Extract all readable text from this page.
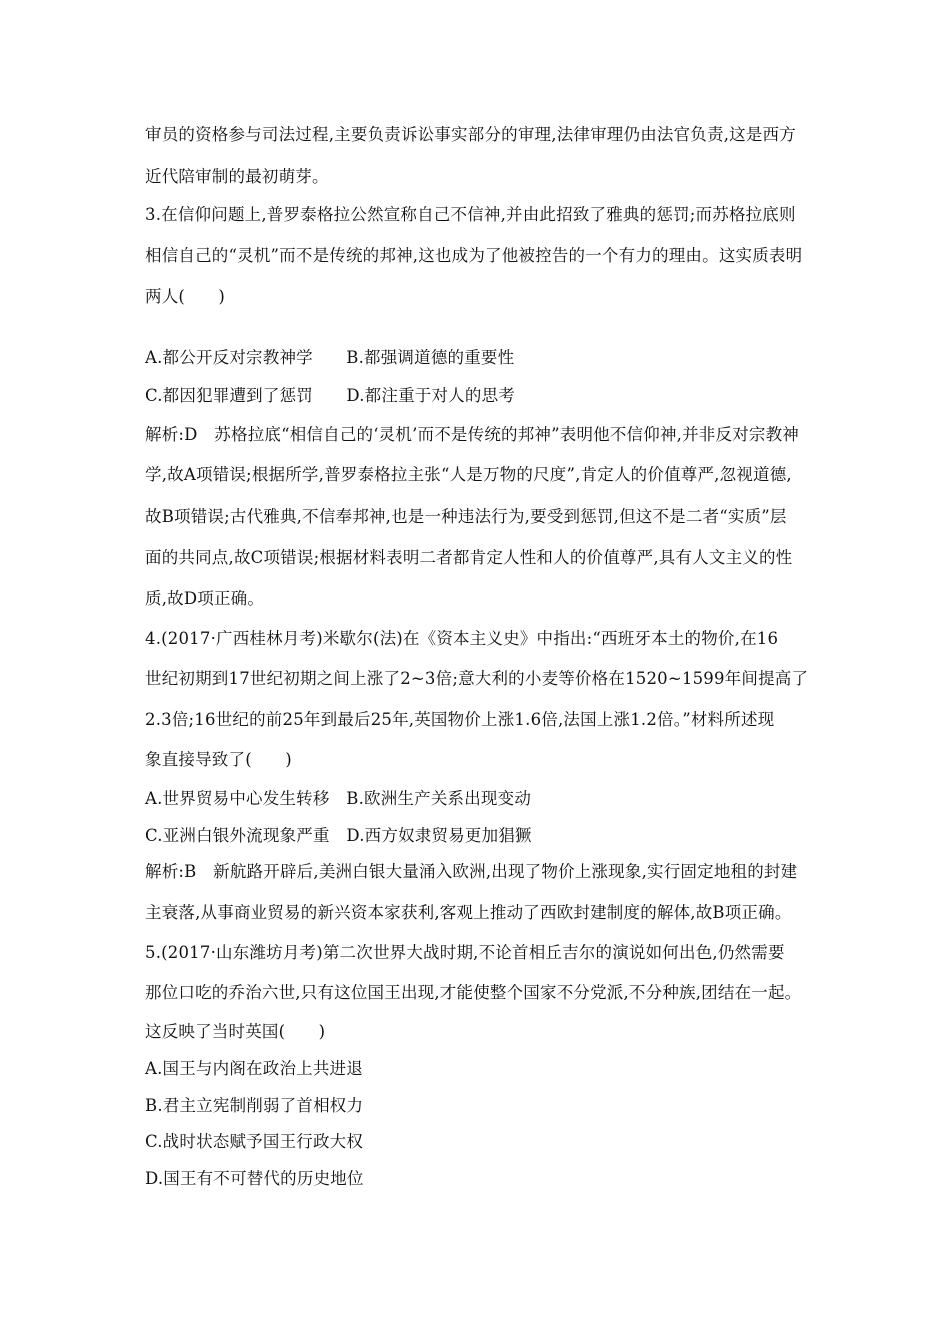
审员的资格参与司法过程,主要负责诉讼事实部分的审理,法律审理仍由法官负责,这是西方
近代陪审制的最初萌芽。
3.在信仰问题上,普罗泰格拉公然宣称自己不信神,并由此招致了雅典的惩罚;而苏格拉底则
相信自己的“灵机”而不是传统的邦神,这也成为了他被控告的一个有力的理由。这实质表明
两人(　　)
A.都公开反对宗教神学　　B.都强调道德的重要性
C.都因犯罪遭到了惩罚　　D.都注重于对人的思考
解析:D　苏格拉底“相信自己的‘灵机’而不是传统的邦神”表明他不信仰神,并非反对宗教神
学,故A项错误;根据所学,普罗泰格拉主张“人是万物的尺度”,肯定人的价值尊严,忽视道德,
故B项错误;古代雅典,不信奉邦神,也是一种违法行为,要受到惩罚,但这不是二者“实质”层
面的共同点,故C项错误;根据材料表明二者都肯定人性和人的价值尊严,具有人文主义的性
质,故D项正确。
4.(2017·广西桂林月考)米歇尔(法)在《资本主义史》中指出:“西班牙本土的物价,在16
世纪初期到17世纪初期之间上涨了2~3倍;意大利的小麦等价格在1520~1599年间提高了
2.3倍;16世纪的前25年到最后25年,英国物价上涨1.6倍,法国上涨1.2倍。”材料所述现
象直接导致了(　　)
A.世界贸易中心发生转移　B.欧洲生产关系出现变动
C.亚洲白银外流现象严重　D.西方奴隶贸易更加猖獗
解析:B　新航路开辟后,美洲白银大量涌入欧洲,出现了物价上涨现象,实行固定地租的封建
主衰落,从事商业贸易的新兴资本家获利,客观上推动了西欧封建制度的解体,故B项正确。
5.(2017·山东潍坊月考)第二次世界大战时期,不论首相丘吉尔的演说如何出色,仍然需要
那位口吃的乔治六世,只有这位国王出现,才能使整个国家不分党派,不分种族,团结在一起。
这反映了当时英国(　　)
A.国王与内阁在政治上共进退
B.君主立宪制削弱了首相权力
C.战时状态赋予国王行政大权
D.国王有不可替代的历史地位
